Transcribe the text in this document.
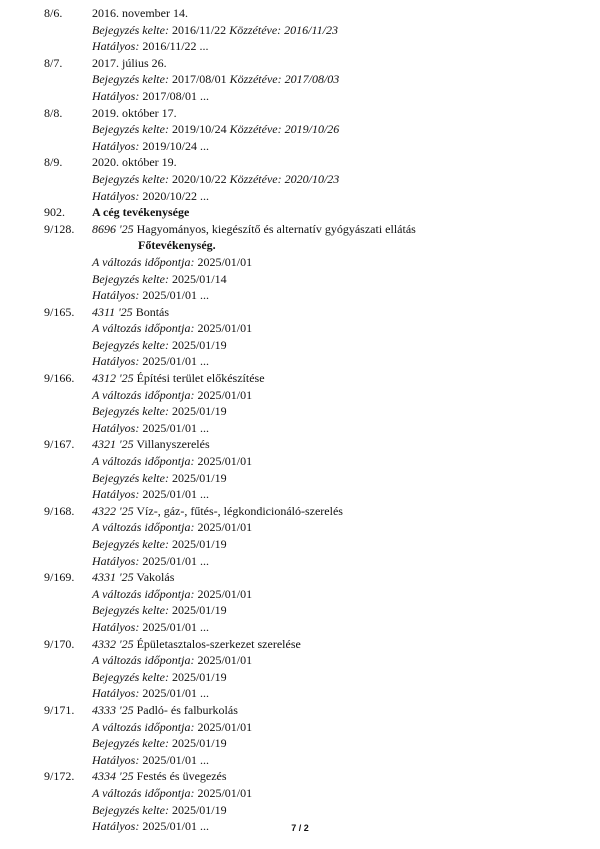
8/6. 2016. november 14.
Bejegyzés kelte: 2016/11/22 Közzétéve: 2016/11/23
Hatályos: 2016/11/22 ...
8/7. 2017. július 26.
Bejegyzés kelte: 2017/08/01 Közzétéve: 2017/08/03
Hatályos: 2017/08/01 ...
8/8. 2019. október 17.
Bejegyzés kelte: 2019/10/24 Közzétéve: 2019/10/26
Hatályos: 2019/10/24 ...
8/9. 2020. október 19.
Bejegyzés kelte: 2020/10/22 Közzétéve: 2020/10/23
Hatályos: 2020/10/22 ...
902. A cég tevékenysége
9/128. 8696 '25 Hagyományos, kiegészítő és alternatív gyógyászati ellátás
Főtevékenység.
A változás időpontja: 2025/01/01
Bejegyzés kelte: 2025/01/14
Hatályos: 2025/01/01 ...
9/165. 4311 '25 Bontás
A változás időpontja: 2025/01/01
Bejegyzés kelte: 2025/01/19
Hatályos: 2025/01/01 ...
9/166. 4312 '25 Építési terület előkészítése
A változás időpontja: 2025/01/01
Bejegyzés kelte: 2025/01/19
Hatályos: 2025/01/01 ...
9/167. 4321 '25 Villanyszerelés
A változás időpontja: 2025/01/01
Bejegyzés kelte: 2025/01/19
Hatályos: 2025/01/01 ...
9/168. 4322 '25 Víz-, gáz-, fűtés-, légkondicionáló-szerelés
A változás időpontja: 2025/01/01
Bejegyzés kelte: 2025/01/19
Hatályos: 2025/01/01 ...
9/169. 4331 '25 Vakolás
A változás időpontja: 2025/01/01
Bejegyzés kelte: 2025/01/19
Hatályos: 2025/01/01 ...
9/170. 4332 '25 Épületasztalos-szerkezet szerelése
A változás időpontja: 2025/01/01
Bejegyzés kelte: 2025/01/19
Hatályos: 2025/01/01 ...
9/171. 4333 '25 Padló- és falburkolás
A változás időpontja: 2025/01/01
Bejegyzés kelte: 2025/01/19
Hatályos: 2025/01/01 ...
9/172. 4334 '25 Festés és üvegezés
A változás időpontja: 2025/01/01
Bejegyzés kelte: 2025/01/19
Hatályos: 2025/01/01 ...	7 / 2
